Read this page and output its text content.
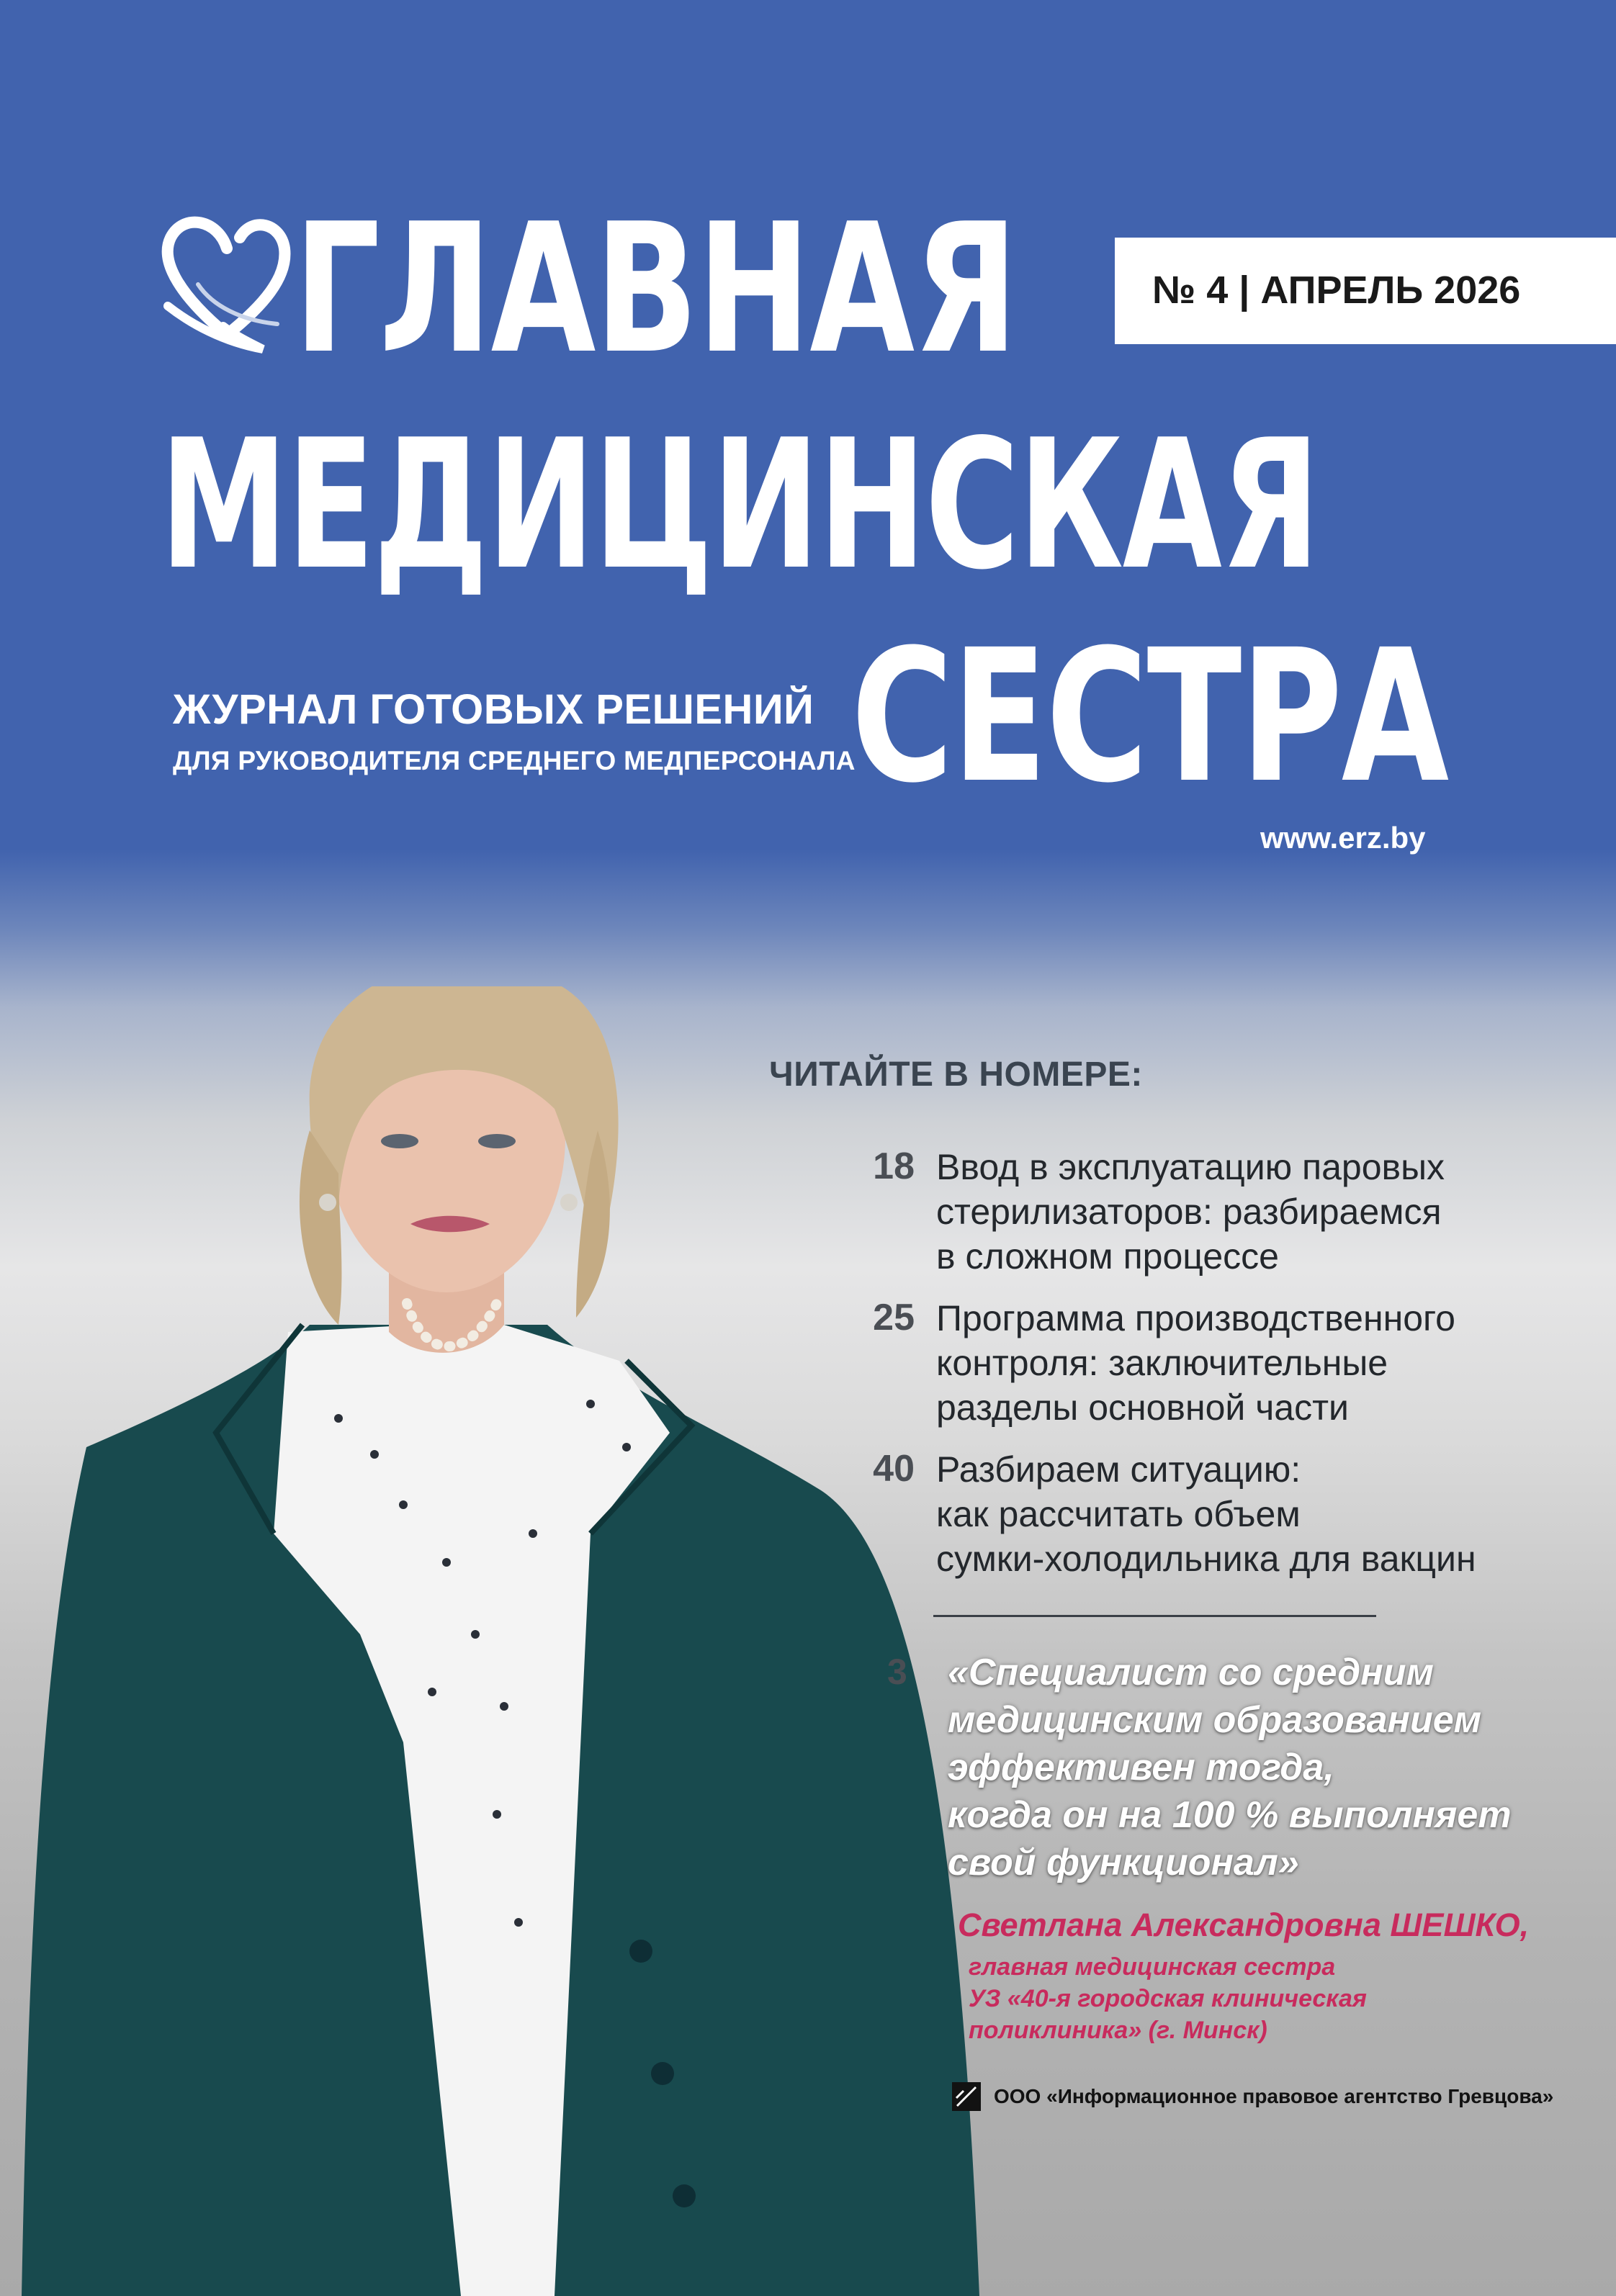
ГЛАВНАЯ
МЕДИЦИНСКАЯ
СЕСТРА
№ 4 | АПРЕЛЬ 2026
ЖУРНАЛ ГОТОВЫХ РЕШЕНИЙ
ДЛЯ РУКОВОДИТЕЛЯ СРЕДНЕГО МЕДПЕРСОНАЛА
www.erz.by
ЧИТАЙТЕ В НОМЕРЕ:
18 Ввод в эксплуатацию паровых
стерилизаторов: разбираемся
в сложном процессе
25 Программа производственного
контроля: заключительные
разделы основной части
40 Разбираем ситуацию:
как рассчитать объем
сумки-холодильника для вакцин
3 «Специалист со средним
медицинским образованием
эффективен тогда,
когда он на 100 % выполняет
свой функционал»
Светлана Александровна ШЕШКО,
главная медицинская сестра
УЗ «40-я городская клиническая
поликлиника» (г. Минск)
ООО «Информационное правовое агентство Гревцова»
